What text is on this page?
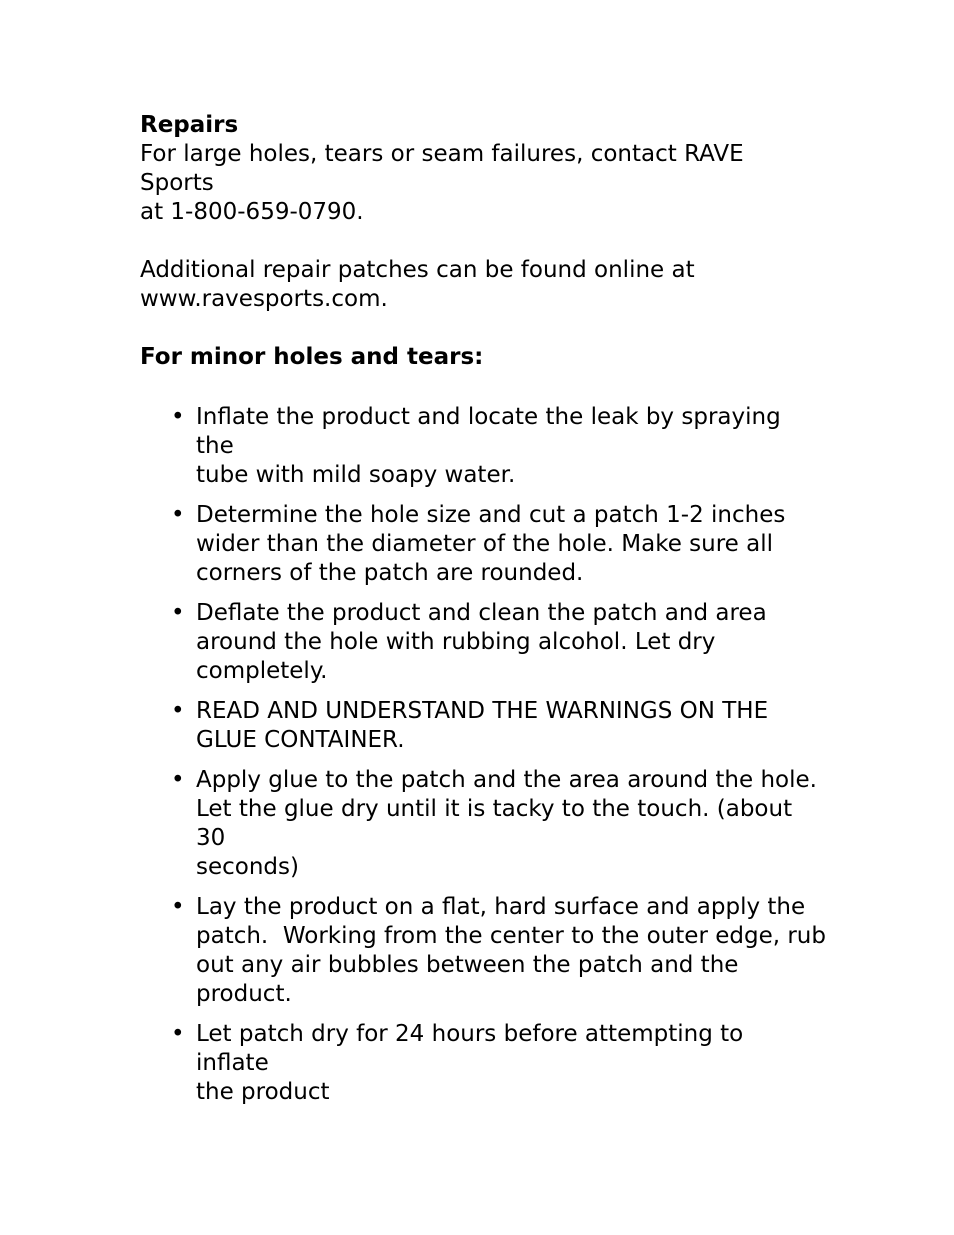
Repairs

For large holes, tears or seam failures, contact RAVE Sports

at 1-800-659-0790.

Additional repair patches can be found online at

www.ravesports.com.

For minor holes and tears:

• Inflate the product and locate the leak by spraying the
tube with mild soapy water.
• Determine the hole size and cut a patch 1-2 inches
wider than the diameter of the hole. Make sure all
corners of the patch are rounded.
• Deflate the product and clean the patch and area
around the hole with rubbing alcohol. Let dry
completely.
• READ AND UNDERSTAND THE WARNINGS ON THE
GLUE CONTAINER.
• Apply glue to the patch and the area around the hole.
Let the glue dry until it is tacky to the touch. (about 30
seconds)
• Lay the product on a flat, hard surface and apply the
patch.  Working from the center to the outer edge, rub
out any air bubbles between the patch and the
product.
• Let patch dry for 24 hours before attempting to inflate
the product
